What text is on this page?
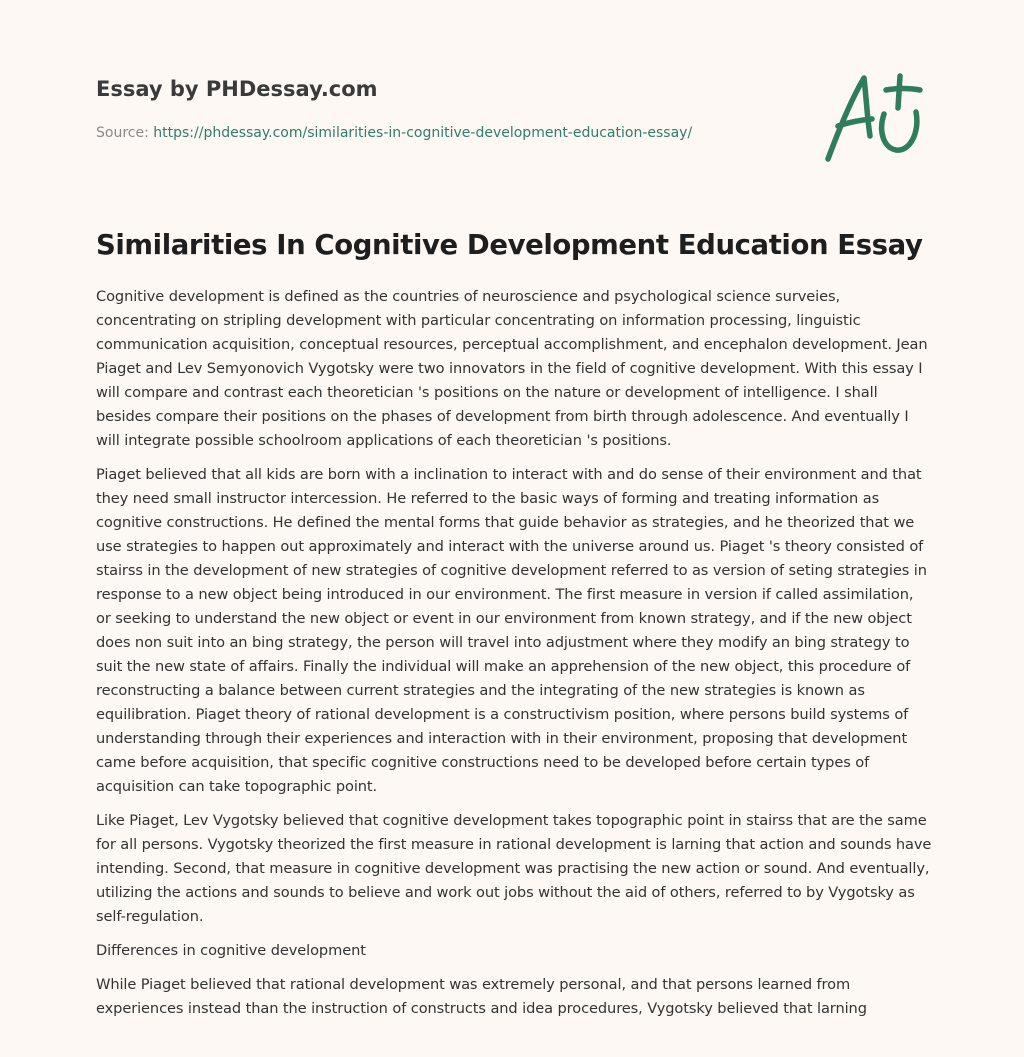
Essay by PHDessay.com
Source: https://phdessay.com/similarities-in-cognitive-development-education-essay/
Similarities In Cognitive Development Education Essay

Cognitive development is defined as the countries of neuroscience and psychological science surveies, concentrating on stripling development with particular concentrating on information processing, linguistic communication acquisition, conceptual resources, perceptual accomplishment, and encephalon development. Jean Piaget and Lev Semyonovich Vygotsky were two innovators in the field of cognitive development. With this essay I will compare and contrast each theoretician 's positions on the nature or development of intelligence. I shall besides compare their positions on the phases of development from birth through adolescence. And eventually I will integrate possible schoolroom applications of each theoretician 's positions.

Piaget believed that all kids are born with a inclination to interact with and do sense of their environment and that they need small instructor intercession. He referred to the basic ways of forming and treating information as cognitive constructions. He defined the mental forms that guide behavior as strategies, and he theorized that we use strategies to happen out approximately and interact with the universe around us. Piaget 's theory consisted of stairss in the development of new strategies of cognitive development referred to as version of seting strategies in response to a new object being introduced in our environment. The first measure in version if called assimilation, or seeking to understand the new object or event in our environment from known strategy, and if the new object does non suit into an bing strategy, the person will travel into adjustment where they modify an bing strategy to suit the new state of affairs. Finally the individual will make an apprehension of the new object, this procedure of reconstructing a balance between current strategies and the integrating of the new strategies is known as equilibration. Piaget theory of rational development is a constructivism position, where persons build systems of understanding through their experiences and interaction with in their environment, proposing that development came before acquisition, that specific cognitive constructions need to be developed before certain types of acquisition can take topographic point.

Like Piaget, Lev Vygotsky believed that cognitive development takes topographic point in stairss that are the same for all persons. Vygotsky theorized the first measure in rational development is larning that action and sounds have intending. Second, that measure in cognitive development was practising the new action or sound. And eventually, utilizing the actions and sounds to believe and work out jobs without the aid of others, referred to by Vygotsky as self-regulation.

Differences in cognitive development

While Piaget believed that rational development was extremely personal, and that persons learned from experiences instead than the instruction of constructs and idea procedures, Vygotsky believed that larning
